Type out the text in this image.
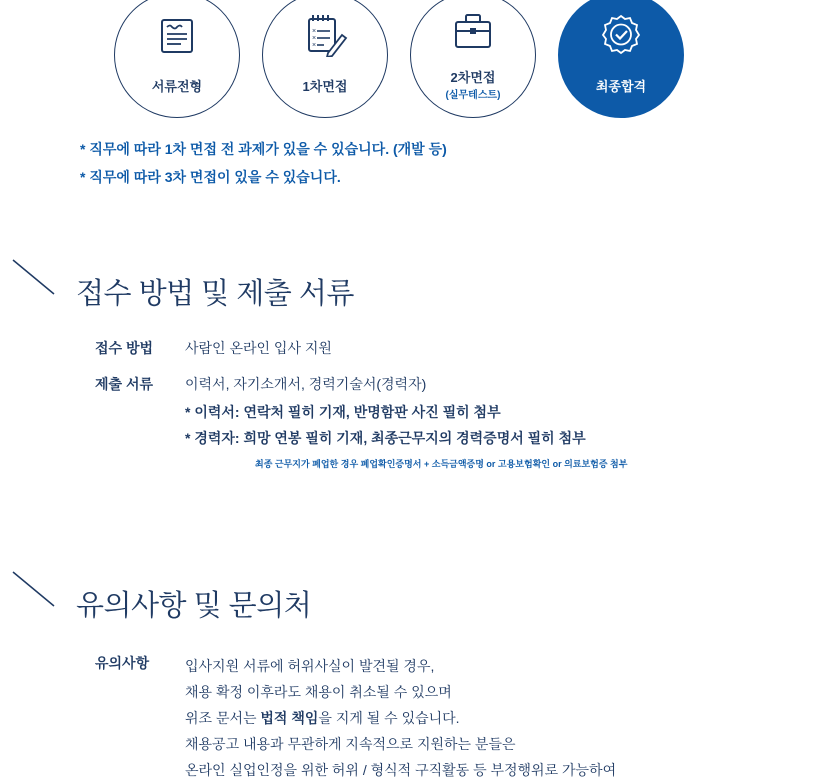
서류전형
×
×
×
1차면접
2차면접
(실무테스트)
최종합격
* 직무에 따라 1차 면접 전 과제가 있을 수 있습니다. (개발 등)
* 직무에 따라 3차 면접이 있을 수 있습니다.
접수 방법 및 제출 서류
접수 방법 사람인 온라인 입사 지원
제출 서류 이력서, 자기소개서, 경력기술서(경력자)
* 이력서: 연락처 필히 기재, 반명함판 사진 필히 첨부
* 경력자: 희망 연봉 필히 기재, 최종근무지의 경력증명서 필히 첨부
최종 근무지가 폐업한 경우 폐업확인증명서 + 소득금액증명 or 고용보험확인 or 의료보험증 첨부
유의사항 및 문의처
유의사항	입사지원 서류에 허위사실이 발견될 경우,
채용 확정 이후라도 채용이 취소될 수 있으며
위조 문서는 법적 책임을 지게 될 수 있습니다.
채용공고 내용과 무관하게 지속적으로 지원하는 분들은
온라인 실업인정을 위한 허위 / 형식적 구직활동 등 부정행위로 가능하여
